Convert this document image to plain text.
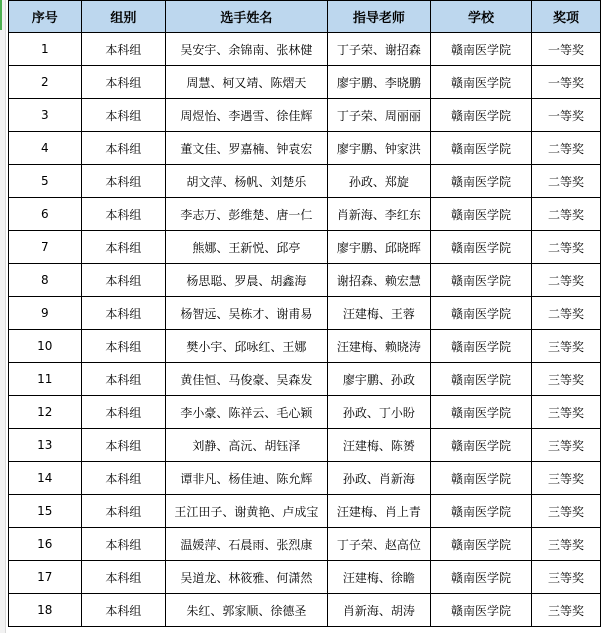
序号	组别	选手姓名	指导老师	学校	奖项
1	本科组	吴安宇、余锦南、张林健	丁子荣、谢招森	赣南医学院	一等奖
2	本科组	周慧、柯又靖、陈熠天	廖宇鹏、李晓鹏	赣南医学院	一等奖
3	本科组	周煜怡、李遇雪、徐佳辉	丁子荣、周丽丽	赣南医学院	一等奖
4	本科组	董文佳、罗嘉楠、钟袁宏	廖宇鹏、钟家洪	赣南医学院	二等奖
5	本科组	胡文萍、杨帆、刘楚乐	孙政、郑旋	赣南医学院	二等奖
6	本科组	李志万、彭维楚、唐一仁	肖新海、李红东	赣南医学院	二等奖
7	本科组	熊娜、王新悦、邱亭	廖宇鹏、邱晓晖	赣南医学院	二等奖
8	本科组	杨思聪、罗晨、胡鑫海	谢招森、赖宏慧	赣南医学院	二等奖
9	本科组	杨智远、吴栋才、谢甫易	汪建梅、王蓉	赣南医学院	二等奖
10	本科组	樊小宇、邱咏红、王娜	汪建梅、赖晓涛	赣南医学院	三等奖
11	本科组	黄佳恒、马俊豪、吴森发	廖宇鹏、孙政	赣南医学院	三等奖
12	本科组	李小豪、陈祥云、毛心颖	孙政、丁小盼	赣南医学院	三等奖
13	本科组	刘静、高沅、胡钰泽	汪建梅、陈赟	赣南医学院	三等奖
14	本科组	谭非凡、杨佳迪、陈允辉	孙政、肖新海	赣南医学院	三等奖
15	本科组	王江田子、谢黄艳、卢成宝	汪建梅、肖上青	赣南医学院	三等奖
16	本科组	温媛萍、石晨雨、张烈康	丁子荣、赵高位	赣南医学院	三等奖
17	本科组	吴道龙、林筱雅、何潇然	汪建梅、徐瞻	赣南医学院	三等奖
18	本科组	朱红、郭家顺、徐德圣	肖新海、胡涛	赣南医学院	三等奖
